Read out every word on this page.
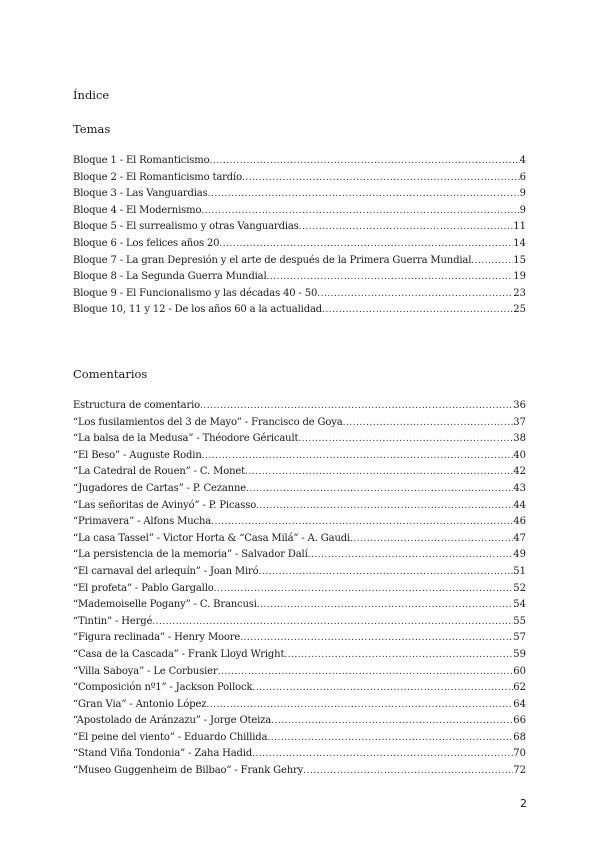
Índice
Temas
Bloque 1 - El Romanticismo .....	4
Bloque 2 - El Romanticismo tardío .....	6
Bloque 3 - Las Vanguardias .....	9
Bloque 4 - El Modernismo .....	9
Bloque 5 - El surrealismo y otras Vanguardias .....	11
Bloque 6 - Los felices años 20 .....	14
Bloque 7 - La gran Depresión y el arte de después de la Primera Guerra Mundial .....	15
Bloque 8 - La Segunda Guerra Mundial .....	19
Bloque 9 - El Funcionalismo y las décadas 40 - 50 .....	23
Bloque 10, 11 y 12 - De los años 60 a la actualidad .....	25
Comentarios
Estructura de comentario .....	36
“Los fusilamientos del 3 de Mayo” - Francisco de Goya .....	37
“La balsa de la Medusa” - Théodore Géricault .....	38
“El Beso” - Auguste Rodin .....	40
“La Catedral de Rouen” - C. Monet .....	42
“Jugadores de Cartas” - P. Cezanne .....	43
“Las señoritas de Avinyó” - P. Picasso .....	44
“Primavera” - Alfons Mucha .....	46
“La casa Tassel” - Victor Horta & “Casa Milá” - A. Gaudi .....	47
“La persistencia de la memoria” - Salvador Dalí .....	49
“El carnaval del arlequín” - Joan Miró .....	51
“El profeta” - Pablo Gargallo .....	52
“Mademoiselle Pogany” - C. Brancusi .....	54
“Tintin” - Hergé .....	55
“Figura reclinada” - Henry Moore .....	57
“Casa de la Cascada” - Frank Lloyd Wright .....	59
“Villa Saboya” - Le Corbusier .....	60
“Composición nº1” - Jackson Pollock .....	62
“Gran Via” - Antonio López .....	64
“Apostolado de Aránzazu” - Jorge Oteiza .....	66
“El peine del viento” - Eduardo Chillida .....	68
“Stand Viña Tondonia” - Zaha Hadid .....	70
“Museo Guggenheim de Bilbao” - Frank Gehry .....	72
2
